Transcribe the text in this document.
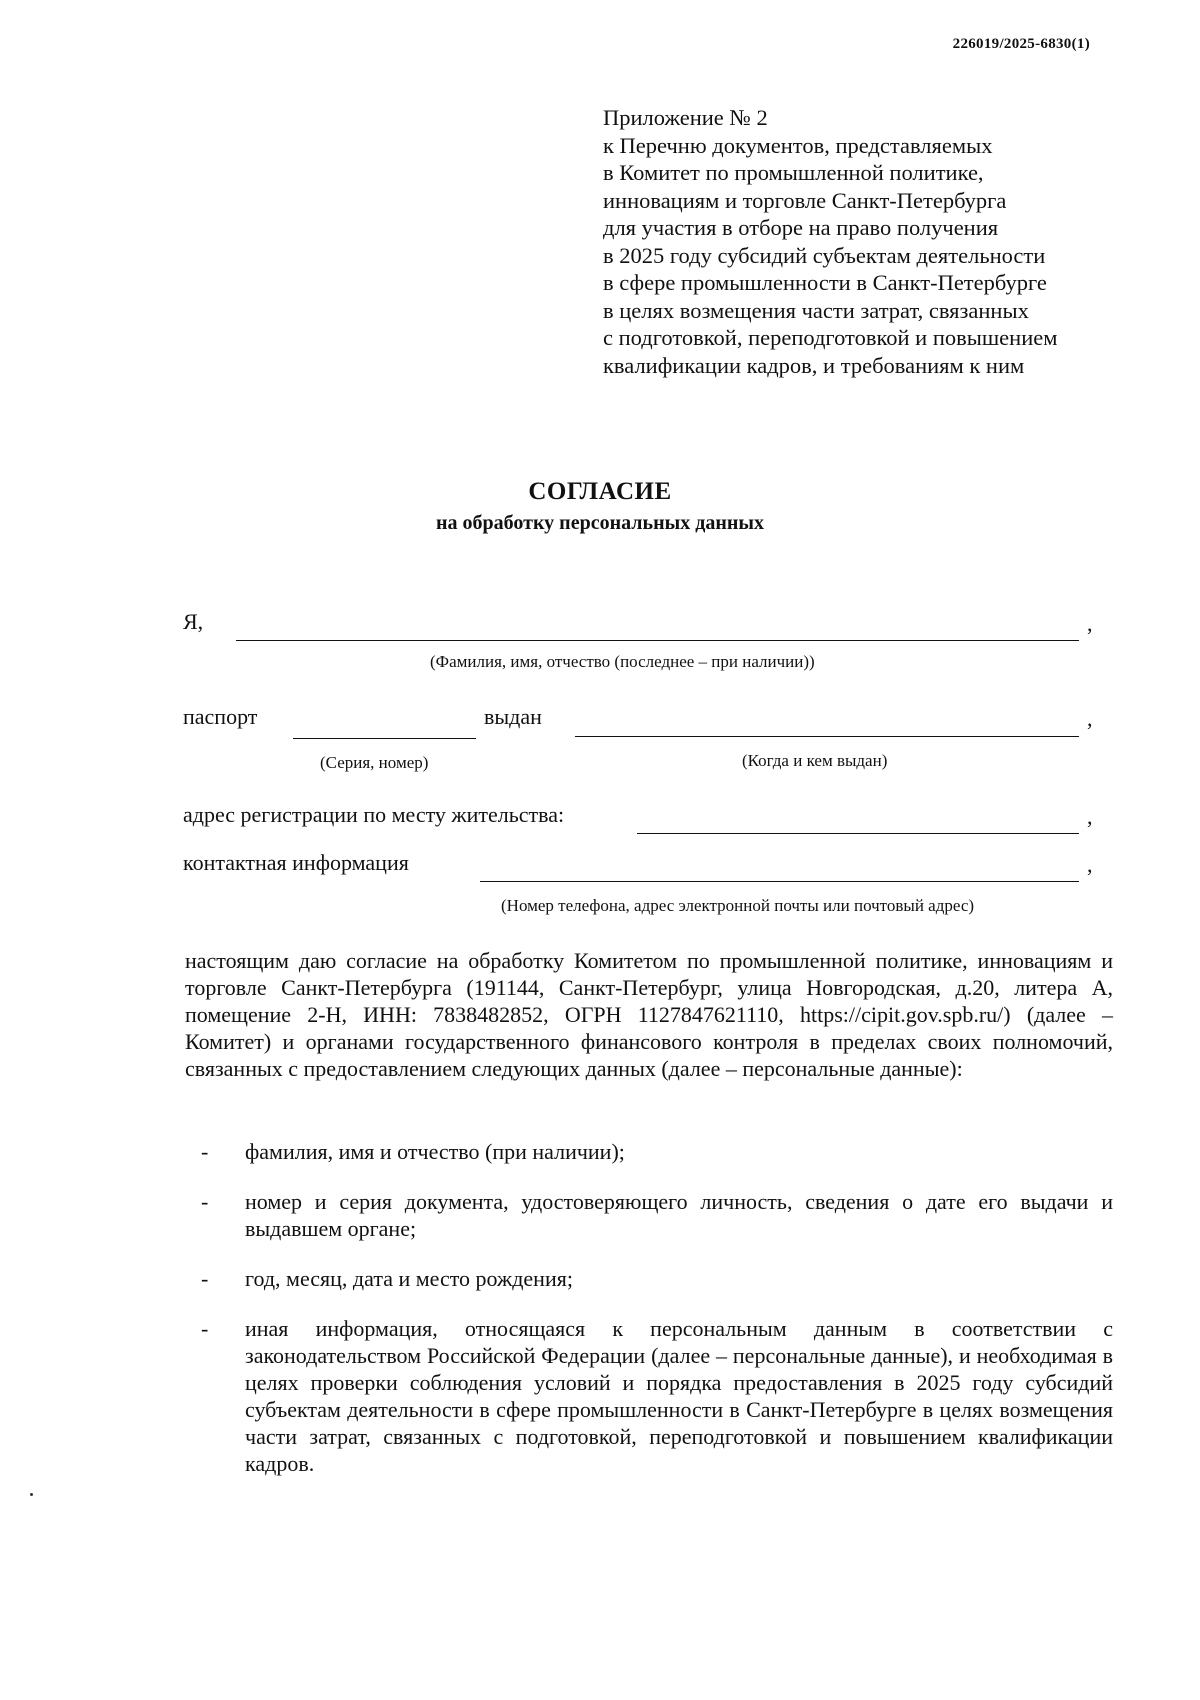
226019/2025-6830(1)
Приложение № 2
к Перечню документов, представляемых
в Комитет по промышленной политике,
инновациям и торговле Санкт-Петербурга
для участия в отборе на право получения
в 2025 году субсидий субъектам деятельности
в сфере промышленности в Санкт-Петербурге
в целях возмещения части затрат, связанных
с подготовкой, переподготовкой и повышением
квалификации кадров, и требованиям к ним
СОГЛАСИЕ
на обработку персональных данных
Я,	,
(Фамилия, имя, отчество (последнее – при наличии))
паспорт	выдан	,
(Серия, номер)	(Когда и кем выдан)
адрес регистрации по месту жительства:	,
контактная информация	,
(Номер телефона, адрес электронной почты или почтовый адрес)
настоящим даю согласие на обработку Комитетом по промышленной политике, инновациям и торговле Санкт-Петербурга (191144, Санкт-Петербург, улица Новгородская, д.20, литера А, помещение 2-Н, ИНН: 7838482852, ОГРН 1127847621110, https://cipit.gov.spb.ru/) (далее – Комитет) и органами государственного финансового контроля в пределах своих полномочий, связанных с предоставлением следующих данных (далее – персональные данные):
- фамилия, имя и отчество (при наличии);
- номер и серия документа, удостоверяющего личность, сведения о дате его выдачи и выдавшем органе;
- год, месяц, дата и место рождения;
- иная информация, относящаяся к персональным данным в соответствии с законодательством Российской Федерации (далее – персональные данные), и необходимая в целях проверки соблюдения условий и порядка предоставления в 2025 году субсидий субъектам деятельности в сфере промышленности в Санкт-Петербурге в целях возмещения части затрат, связанных с подготовкой, переподготовкой и повышением квалификации кадров.
